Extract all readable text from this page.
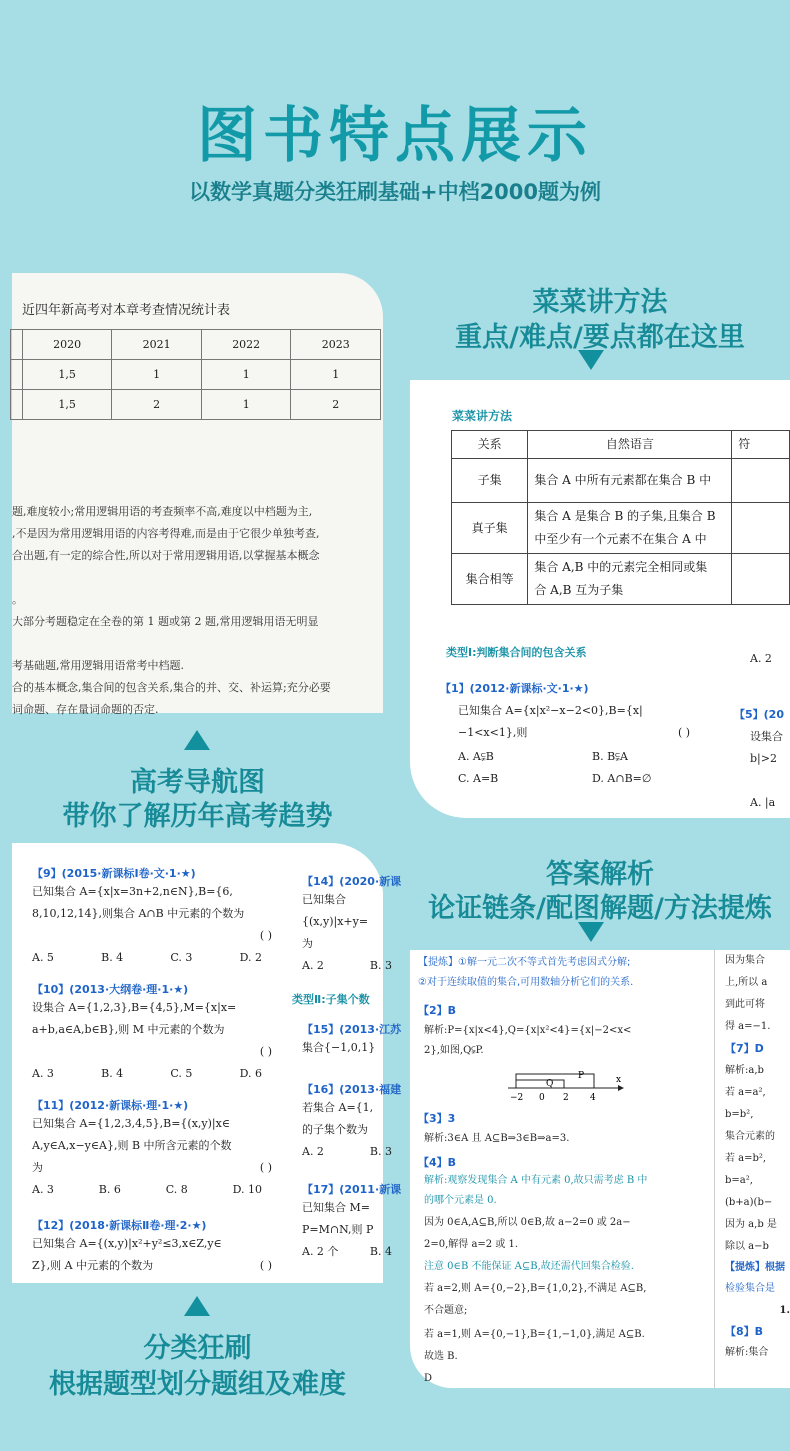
图书特点展示
以数学真题分类狂刷基础+中档2000题为例
近四年新高考对本章考查情况统计表
	2020	2021	2022	2023
	1,5	1	1	1
	1,5	2	1	2
题,难度较小;常用逻辑用语的考查频率不高,难度以中档题为主,
,不是因为常用逻辑用语的内容考得难,而是由于它很少单独考查,
合出题,有一定的综合性,所以对于常用逻辑用语,以掌握基本概念
。
大部分考题稳定在全卷的第 1 题或第 2 题,常用逻辑用语无明显
考基础题,常用逻辑用语常考中档题.
合的基本概念,集合间的包含关系,集合的并、交、补运算;充分必要
词命题、存在量词命题的否定.
高考导航图
带你了解历年高考趋势
菜菜讲方法
重点/难点/要点都在这里
菜菜讲方法
关系	自然语言	符
子集	集合 A 中所有元素都在集合 B 中	
真子集	集合 A 是集合 B 的子集,且集合 B
中至少有一个元素不在集合 A 中	

集合相等	集合 A,B 中的元素完全相同或集
合 A,B 互为子集	

类型Ⅰ:判断集合间的包含关系
【1】(2012·新课标·文·1·★)
已知集合 A={x|x²−x−2<0},B={x|
−1<x<1},则	( )
A. A⫋B	B. B⫋A
C. A=B	D. A∩B=∅
A. 2
【5】(20
设集合
b|>2
A. |a
【9】(2015·新课标Ⅰ卷·文·1·★)
已知集合 A={x|x=3n+2,n∈N},B={6,
8,10,12,14},则集合 A∩B 中元素的个数为
( )
A. 5	B. 4	C. 3	D. 2
【10】(2013·大纲卷·理·1·★)
设集合 A={1,2,3},B={4,5},M={x|x=
a+b,a∈A,b∈B},则 M 中元素的个数为
( )
A. 3	B. 4	C. 5	D. 6
【11】(2012·新课标·理·1·★)
已知集合 A={1,2,3,4,5},B={(x,y)|x∈
A,y∈A,x−y∈A},则 B 中所含元素的个数
为	( )
A. 3	B. 6	C. 8	D. 10
【12】(2018·新课标Ⅱ卷·理·2·★)
已知集合 A={(x,y)|x²+y²≤3,x∈Z,y∈
Z},则 A 中元素的个数为	( )
【14】(2020·新课
已知集合
{(x,y)|x+y=
为
A. 2	B. 3
类型Ⅱ:子集个数
【15】(2013·江苏
集合{−1,0,1}
【16】(2013·福建
若集合 A={1,
的子集个数为
A. 2	B. 3
【17】(2011·新课
已知集合 M=
P=M∩N,则 P
A. 2 个	B. 4
分类狂刷
根据题型划分题组及难度
答案解析
论证链条/配图解题/方法提炼
【提炼】①解一元二次不等式首先考虑因式分解;
②对于连续取值的集合,可用数轴分析它们的关系.
【2】B
解析:P={x|x<4},Q={x|x²<4}={x|−2<x<
2},如图,Q⫋P.
Q
P
−2 0 2 4
x
【3】3
解析:3∈A 且 A⊆B⇒3∈B⇒a=3.
【4】B
解析:观察发现集合 A 中有元素 0,故只需考虑 B 中
的哪个元素是 0.
因为 0∈A,A⊆B,所以 0∈B,故 a−2=0 或 2a−
2=0,解得 a=2 或 1.
注意 0∈B 不能保证 A⊆B,故还需代回集合检验.
若 a=2,则 A={0,−2},B={1,0,2},不满足 A⊆B,
不合题意;
若 a=1,则 A={0,−1},B={1,−1,0},满足 A⊆B.
故选 B.
D
因为集合
上,所以 a
到此可将
得 a=−1.
【7】D
解析:a,b
若 a=a²,
b=b²,
集合元素的
若 a=b²,
b=a²,
(b+a)(b−
因为 a,b 是
除以 a−b
【提炼】根据
检验集合是
1.
【8】B
解析:集合
